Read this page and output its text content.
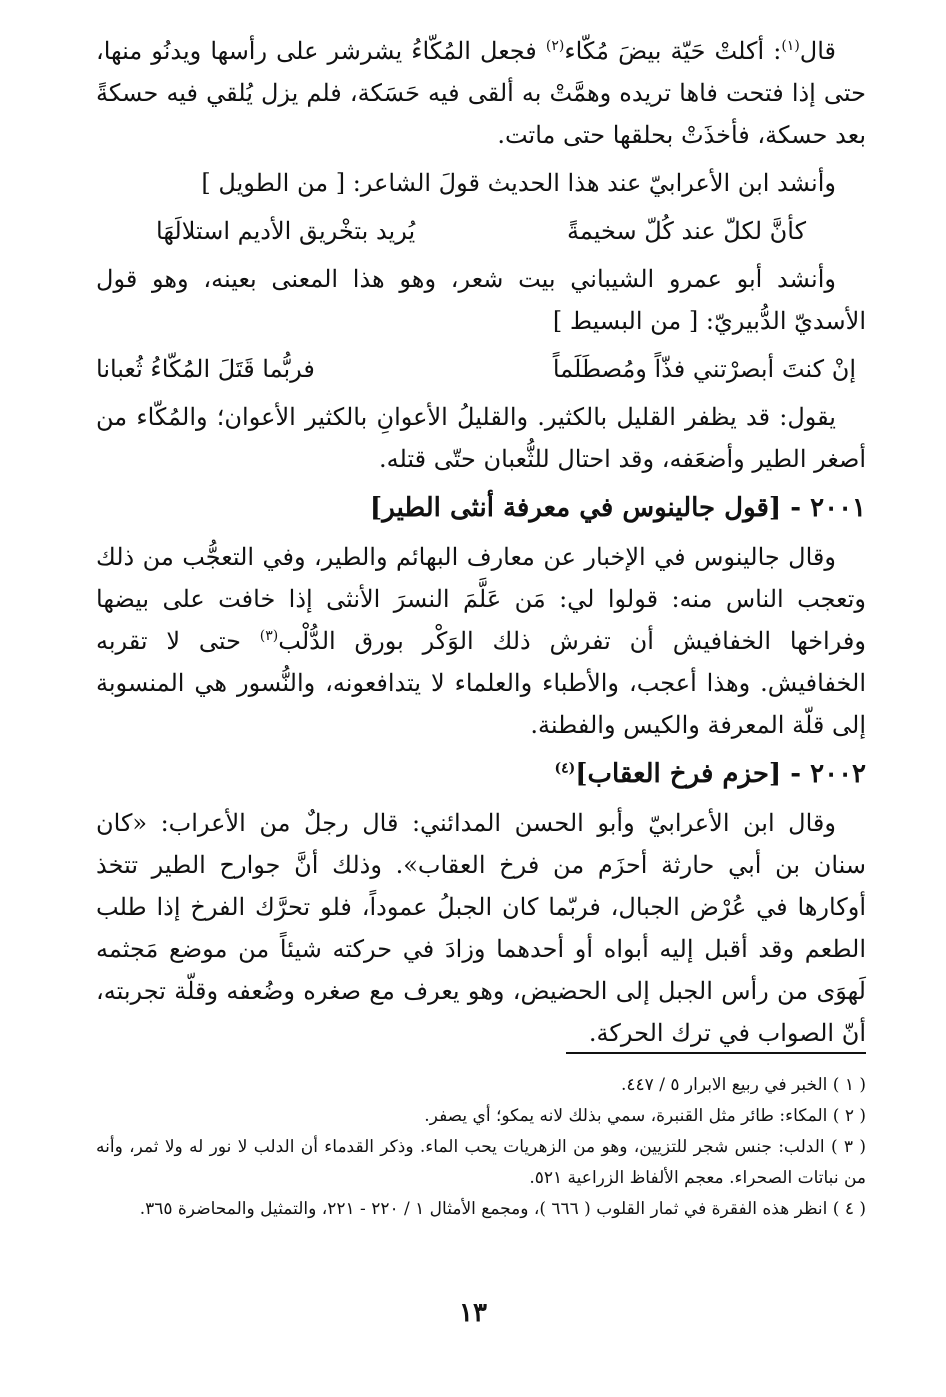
قال$^{(١)}$: أكلتْ حَيّة بيضَ مُكّاء$^{(٢)}$ فجعل المُكّاءُ يشرشر على رأسها ويدنُو منها، حتى إذا فتحت فاها تريده وهمَّتْ به ألقى فيه حَسَكة، فلم يزل يُلقي فيه حسكةً بعد حسكة، فأخذَتْ بحلقها حتى ماتت.

وأنشد ابن الأعرابيّ عند هذا الحديث قولَ الشاعر: [ من الطويل ]

كأنَّ لكلّ عند كُلّ سخيمةً
يُريد بتخْريق الأديم استلالَهَا

وأنشد أبو عمرو الشيباني بيت شعر، وهو هذا المعنى بعينه، وهو قول الأسديّ الدُّبيريّ: [ من البسيط ]

إنْ كنتَ أبصرْتني فذّاً ومُصطَلَماً
فربُّما قَتَلَ المُكّاءُ ثُعبانا

يقول: قد يظفر القليل بالكثير. والقليلُ الأعوانِ بالكثير الأعوان؛ والمُكّاء من أصغر الطير وأضعَفه، وقد احتال للثُّعبان حتّى قتله.

٢٠٠١ - [قول جالينوس في معرفة أنثى الطير]

وقال جالينوس في الإخبار عن معارف البهائم والطير، وفي التعجُّب من ذلك وتعجب الناس منه: قولوا لي: مَن عَلَّمَ النسرَ الأنثى إذا خافت على بيضها وفراخها الخفافيش أن تفرش ذلك الوَكْر بورق الدُّلْب$^{(٣)}$ حتى لا تقربه الخفافيش. وهذا أعجب، والأطباء والعلماء لا يتدافعونه، والنُّسور هي المنسوبة إلى قلّة المعرفة والكيس والفطنة.

٢٠٠٢ - [حزم فرخ العقاب]$^{(٤)}$

وقال ابن الأعرابيّ وأبو الحسن المدائني: قال رجلٌ من الأعراب: «كان سنان بن أبي حارثة أحزَم من فرخ العقاب». وذلك أنَّ جوارح الطير تتخذ أوكارها في عُرْض الجبال، فربّما كان الجبلُ عموداً، فلو تحرَّك الفرخ إذا طلب الطعم وقد أقبل إليه أبواه أو أحدهما وزادَ في حركته شيئاً من موضع مَجثمه لَهوَى من رأس الجبل إلى الحضيض، وهو يعرف مع صغره وضُعفه وقلّة تجربته، أنّ الصواب في ترك الحركة.

( ١ ) الخبر في ربيع الابرار ٥ / ٤٤٧.

( ٢ ) المكاء: طائر مثل القنبرة، سمي بذلك لانه يمكو؛ أي يصفر.

( ٣ ) الدلب: جنس شجر للتزيين، وهو من الزهريات يحب الماء. وذكر القدماء أن الدلب لا نور له ولا ثمر، وأنه من نباتات الصحراء. معجم الألفاظ الزراعية ٥٢١.

( ٤ ) انظر هذه الفقرة في ثمار القلوب ( ٦٦٦ )، ومجمع الأمثال ١ / ٢٢٠ - ٢٢١، والتمثيل والمحاضرة ٣٦٥.

١٣
